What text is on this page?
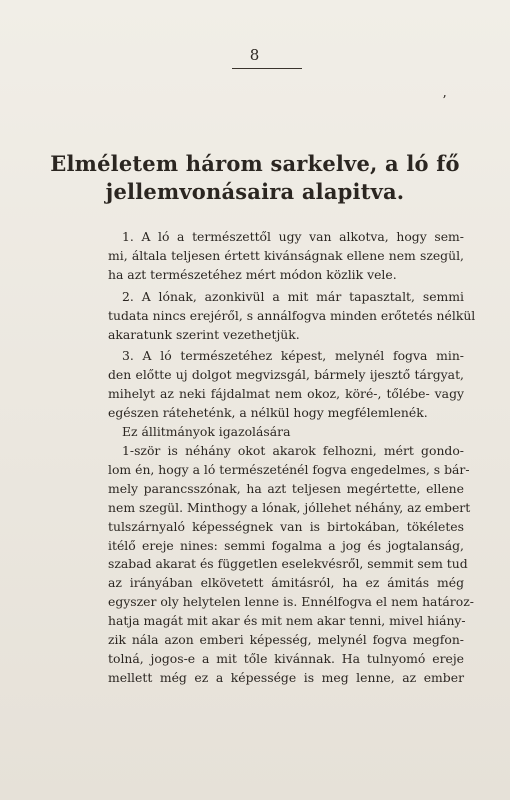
8
ʼ
Elméletem három sarkelve, a ló fő
jellemvonásaira alapitva.
1. A ló a természettől ugy van alkotva, hogy sem-
mi, általa teljesen értett kivánságnak ellene nem szegül,
ha azt természetéhez mért módon közlik vele.
2. A lónak, azonkivül a mit már tapasztalt, semmi
tudata nincs erejéről, s annálfogva minden erőtetés nélkül
akaratunk szerint vezethetjük.
3. A ló természetéhez képest, melynél fogva min-
den előtte uj dolgot megvizsgál, bármely ijesztő tárgyat,
mihelyt az neki fájdalmat nem okoz, köré-, tőlébe- vagy
egészen ráteheténk, a nélkül hogy megfélemlenék.
Ez állitmányok igazolására
1-ször is néhány okot akarok felhozni, mért gondo-
lom én, hogy a ló természeténél fogva engedelmes, s bár-
mely parancsszónak, ha azt teljesen megértette, ellene
nem szegül. Minthogy a lónak, jóllehet néhány, az embert
tulszárnyaló képességnek van is birtokában, tökéletes
itélő ereje nines: semmi fogalma a jog és jogtalanság,
szabad akarat és független eselekvésről, semmit sem tud
az irányában elkövetett ámitásról, ha ez ámitás még
egyszer oly helytelen lenne is. Ennélfogva el nem határoz-
hatja magát mit akar és mit nem akar tenni, mivel hiány-
zik nála azon emberi képesség, melynél fogva megfon-
tolná, jogos-e a mit tőle kivánnak. Ha tulnyomó ereje
mellett még ez a képessége is meg lenne, az ember
